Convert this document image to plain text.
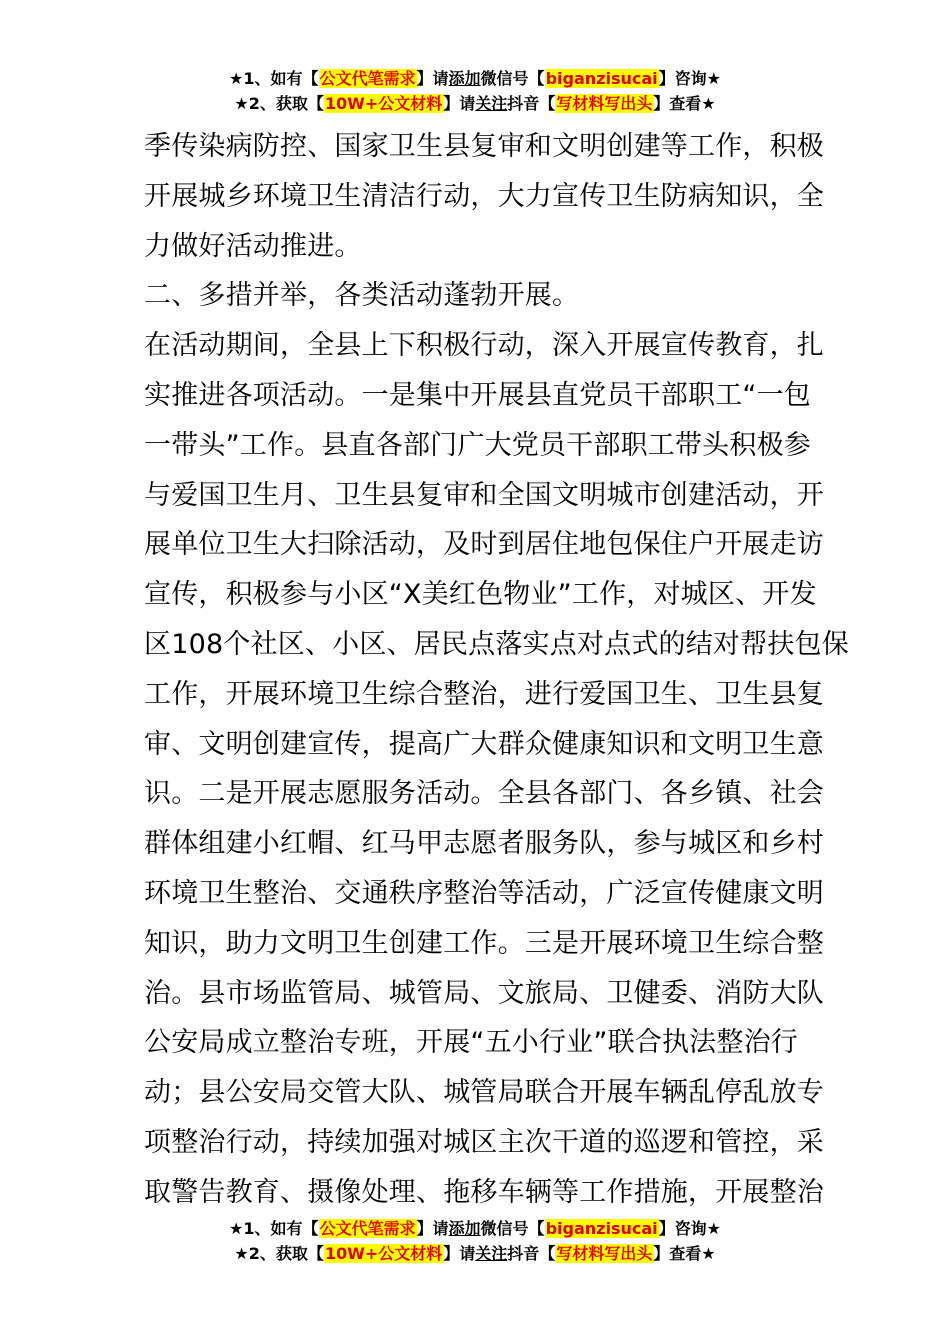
★1、如有【公文代笔需求】请添加微信号【biganzisucai】咨询★
★2、获取【10W+公文材料】请关注抖音【写材料写出头】查看★
季传染病防控、国家卫生县复审和文明创建等工作，积极
开展城乡环境卫生清洁行动，大力宣传卫生防病知识，全
力做好活动推进。
二、多措并举，各类活动蓬勃开展。
在活动期间，全县上下积极行动，深入开展宣传教育，扎
实推进各项活动。一是集中开展县直党员干部职工“一包
一带头”工作。县直各部门广大党员干部职工带头积极参
与爱国卫生月、卫生县复审和全国文明城市创建活动，开
展单位卫生大扫除活动，及时到居住地包保住户开展走访
宣传，积极参与小区“X美红色物业”工作，对城区、开发
区108个社区、小区、居民点落实点对点式的结对帮扶包保
工作，开展环境卫生综合整治，进行爱国卫生、卫生县复
审、文明创建宣传，提高广大群众健康知识和文明卫生意
识。二是开展志愿服务活动。全县各部门、各乡镇、社会
群体组建小红帽、红马甲志愿者服务队，参与城区和乡村
环境卫生整治、交通秩序整治等活动，广泛宣传健康文明
知识，助力文明卫生创建工作。三是开展环境卫生综合整
治。县市场监管局、城管局、文旅局、卫健委、消防大队
公安局成立整治专班，开展“五小行业”联合执法整治行
动；县公安局交管大队、城管局联合开展车辆乱停乱放专
项整治行动，持续加强对城区主次干道的巡逻和管控，采
取警告教育、摄像处理、拖移车辆等工作措施，开展整治
★1、如有【公文代笔需求】请添加微信号【biganzisucai】咨询★
★2、获取【10W+公文材料】请关注抖音【写材料写出头】查看★
